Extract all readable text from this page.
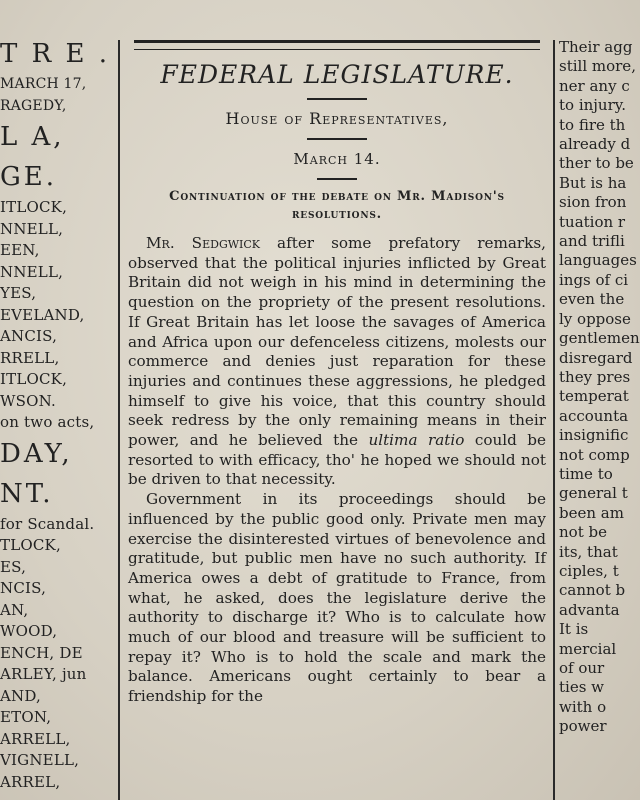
T R E .
MARCH 17,
RAGEDY,
L A,
GE.
ITLOCK,
NNELL,
EEN,
NNELL,
YES,
EVELAND,
ANCIS,
RRELL,
ITLOCK,
WSON.
on two acts,
DAY,
NT.
for Scandal.
TLOCK,
ES,
NCIS,
AN,
WOOD,
ENCH, DE
ARLEY, jun
AND,
ETON,
ARRELL,
VIGNELL,
ARREL,
FEDERAL LEGISLATURE.
House of Representatives,
March 14.
Continuation of the debate on Mr. Madison's resolutions.

Mr. Sedgwick after some prefatory remarks, observed that the political injuries inflicted by Great Britain did not weigh in his mind in determining the question on the propriety of the present resolutions. If Great Britain has let loose the savages of America and Africa upon our defenceless citizens, molests our commerce and denies just reparation for these injuries and continues these aggressions, he pledged himself to give his voice, that this country should seek redress by the only remaining means in their power, and he believed the ultima ratio could be resorted to with efficacy, tho' he hoped we should not be driven to that necessity.

Government in its proceedings should be influenced by the public good only. Private men may exercise the disinterested virtues of benevolence and gratitude, but public men have no such authority. If America owes a debt of gratitude to France, from what, he asked, does the legislature derive the authority to discharge it? Who is to calculate how much of our blood and treasure will be sufficient to repay it? Who is to hold the scale and mark the balance. Americans ought certainly to bear a friendship for the

Their agg
still more,
ner any c
to injury.
to fire th
already d
ther to be
But is ha
sion fron
tuation r
and trifli
languages
ings of ci
even the
ly oppose
gentlemen
disregard
they pres
temperat
accounta
insignific
not comp
time to
general t
been am
not be
its, that
ciples, t
cannot b
advanta
It is
mercial
of our
ties w
with o
power
